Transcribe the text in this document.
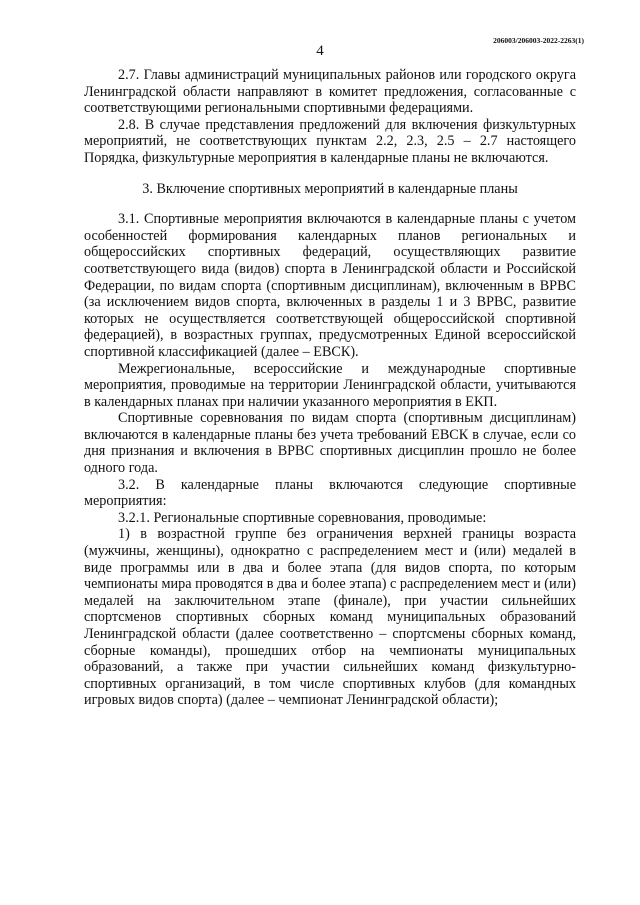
206003/206003-2022-2263(1)
4

2.7. Главы администраций муниципальных районов или городского округа Ленинградской области направляют в комитет предложения, согласованные с соответствующими региональными спортивными федерациями.

2.8. В случае представления предложений для включения физкультурных мероприятий, не соответствующих пунктам 2.2, 2.3, 2.5 – 2.7 настоящего Порядка, физкультурные мероприятия в календарные планы не включаются.

3. Включение спортивных мероприятий в календарные планы

3.1. Спортивные мероприятия включаются в календарные планы с учетом особенностей формирования календарных планов региональных и общероссийских спортивных федераций, осуществляющих развитие соответствующего вида (видов) спорта в Ленинградской области и Российской Федерации, по видам спорта (спортивным дисциплинам), включенным в ВРВС (за исключением видов спорта, включенных в разделы 1 и 3 ВРВС, развитие которых не осуществляется соответствующей общероссийской спортивной федерацией), в возрастных группах, предусмотренных Единой всероссийской спортивной классификацией (далее – ЕВСК).

Межрегиональные, всероссийские и международные спортивные мероприятия, проводимые на территории Ленинградской области, учитываются в календарных планах при наличии указанного мероприятия в ЕКП.

Спортивные соревнования по видам спорта (спортивным дисциплинам) включаются в календарные планы без учета требований ЕВСК в случае, если со дня признания и включения в ВРВС спортивных дисциплин прошло не более одного года.

3.2. В календарные планы включаются следующие спортивные мероприятия:

3.2.1. Региональные спортивные соревнования, проводимые:

1) в возрастной группе без ограничения верхней границы возраста (мужчины, женщины), однократно с распределением мест и (или) медалей в виде программы или в два и более этапа (для видов спорта, по которым чемпионаты мира проводятся в два и более этапа) с распределением мест и (или) медалей на заключительном этапе (финале), при участии сильнейших спортсменов спортивных сборных команд муниципальных образований Ленинградской области (далее соответственно – спортсмены сборных команд, сборные команды), прошедших отбор на чемпионаты муниципальных образований, а также при участии сильнейших команд физкультурно-спортивных организаций, в том числе спортивных клубов (для командных игровых видов спорта) (далее – чемпионат Ленинградской области);
